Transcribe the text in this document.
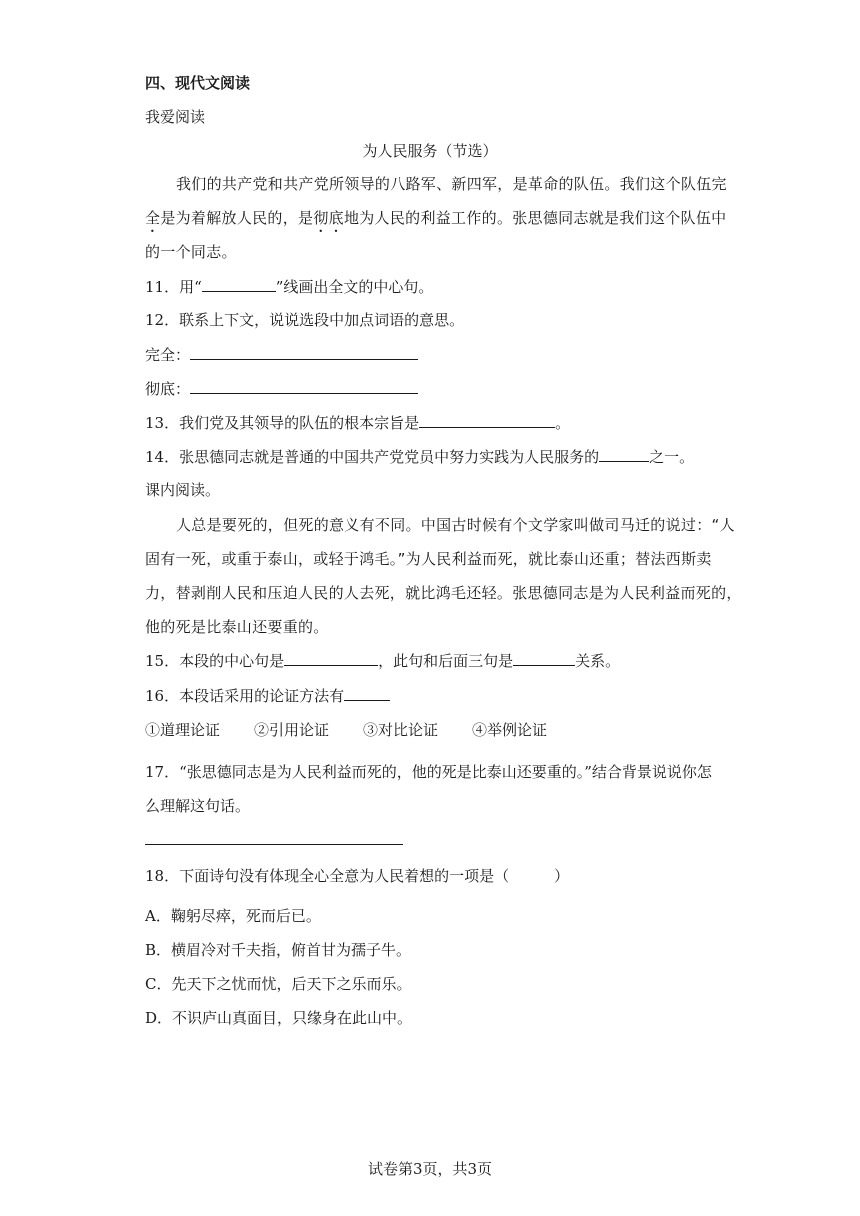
四、现代文阅读
我爱阅读
为人民服务（节选）
我们的共产党和共产党所领导的八路军、新四军，是革命的队伍。我们这个队伍完
全是为着解放人民的，是彻底地为人民的利益工作的。张思德同志就是我们这个队伍中
的一个同志。
11．用“	”线画出全文的中心句。
12．联系上下文，说说选段中加点词语的意思。
完全：
彻底：
13．我们党及其领导的队伍的根本宗旨是	。
14．张思德同志就是普通的中国共产党党员中努力实践为人民服务的	之一。
课内阅读。
人总是要死的，但死的意义有不同。中国古时候有个文学家叫做司马迁的说过：“人
固有一死，或重于泰山，或轻于鸿毛。”为人民利益而死，就比泰山还重；替法西斯卖
力，替剥削人民和压迫人民的人去死，就比鸿毛还轻。张思德同志是为人民利益而死的，
他的死是比泰山还要重的。
15．本段的中心句是	，此句和后面三句是	关系。
16．本段话采用的论证方法有
①道理论证 ②引用论证 ③对比论证 ④举例论证
17．“张思德同志是为人民利益而死的，他的死是比泰山还要重的。”结合背景说说你怎
么理解这句话。
18．下面诗句没有体现全心全意为人民着想的一项是（　　　）
A．鞠躬尽瘁，死而后已。
B．横眉冷对千夫指，俯首甘为孺子牛。
C．先天下之忧而忧，后天下之乐而乐。
D．不识庐山真面目，只缘身在此山中。
试卷第3页，共3页
